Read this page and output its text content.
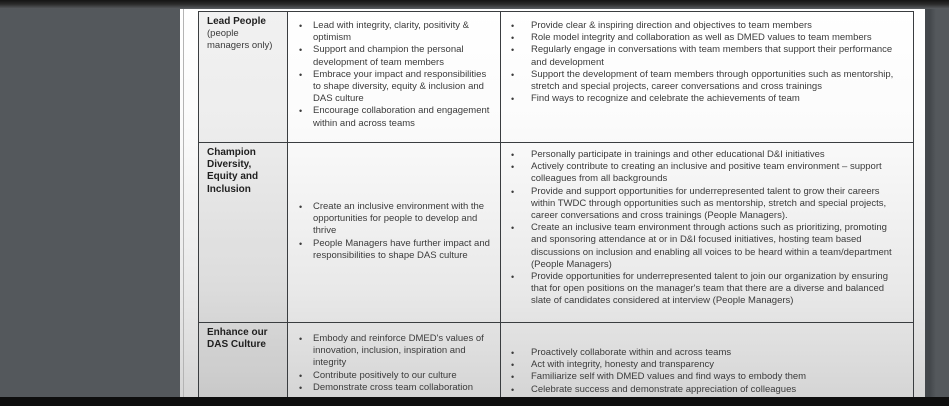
Lead People
(people managers only)

• Lead with integrity, clarity, positivity & optimism
• Support and champion the personal development of team members
• Embrace your impact and responsibilities to shape diversity, equity & inclusion and DAS culture
• Encourage collaboration and engagement within and across teams

• Provide clear & inspiring direction and objectives to team members
• Role model integrity and collaboration as well as DMED values to team members
• Regularly engage in conversations with team members that support their performance and development
• Support the development of team members through opportunities such as mentorship, stretch and special projects, career conversations and cross trainings
• Find ways to recognize and celebrate the achievements of team

Champion Diversity, Equity and Inclusion

• Create an inclusive environment with the opportunities for people to develop and thrive
• People Managers have further impact and responsibilities to shape DAS culture

• Personally participate in trainings and other educational D&I initiatives
• Actively contribute to creating an inclusive and positive team environment – support colleagues from all backgrounds
• Provide and support opportunities for underrepresented talent to grow their careers within TWDC through opportunities such as mentorship, stretch and special projects, career conversations and cross trainings (People Managers).
• Create an inclusive team environment through actions such as prioritizing, promoting and sponsoring attendance at or in D&I focused initiatives, hosting team based discussions on inclusion and enabling all voices to be heard within a team/department (People Managers)
• Provide opportunities for underrepresented talent to join our organization by ensuring that for open positions on the manager's team that there are a diverse and balanced slate of candidates considered at interview (People Managers)

Enhance our DAS Culture

• Embody and reinforce DMED's values of innovation, inclusion, inspiration and integrity
• Contribute positively to our culture
• Demonstrate cross team collaboration

• Proactively collaborate within and across teams
• Act with integrity, honesty and transparency
• Familiarize self with DMED values and find ways to embody them
• Celebrate success and demonstrate appreciation of colleagues
